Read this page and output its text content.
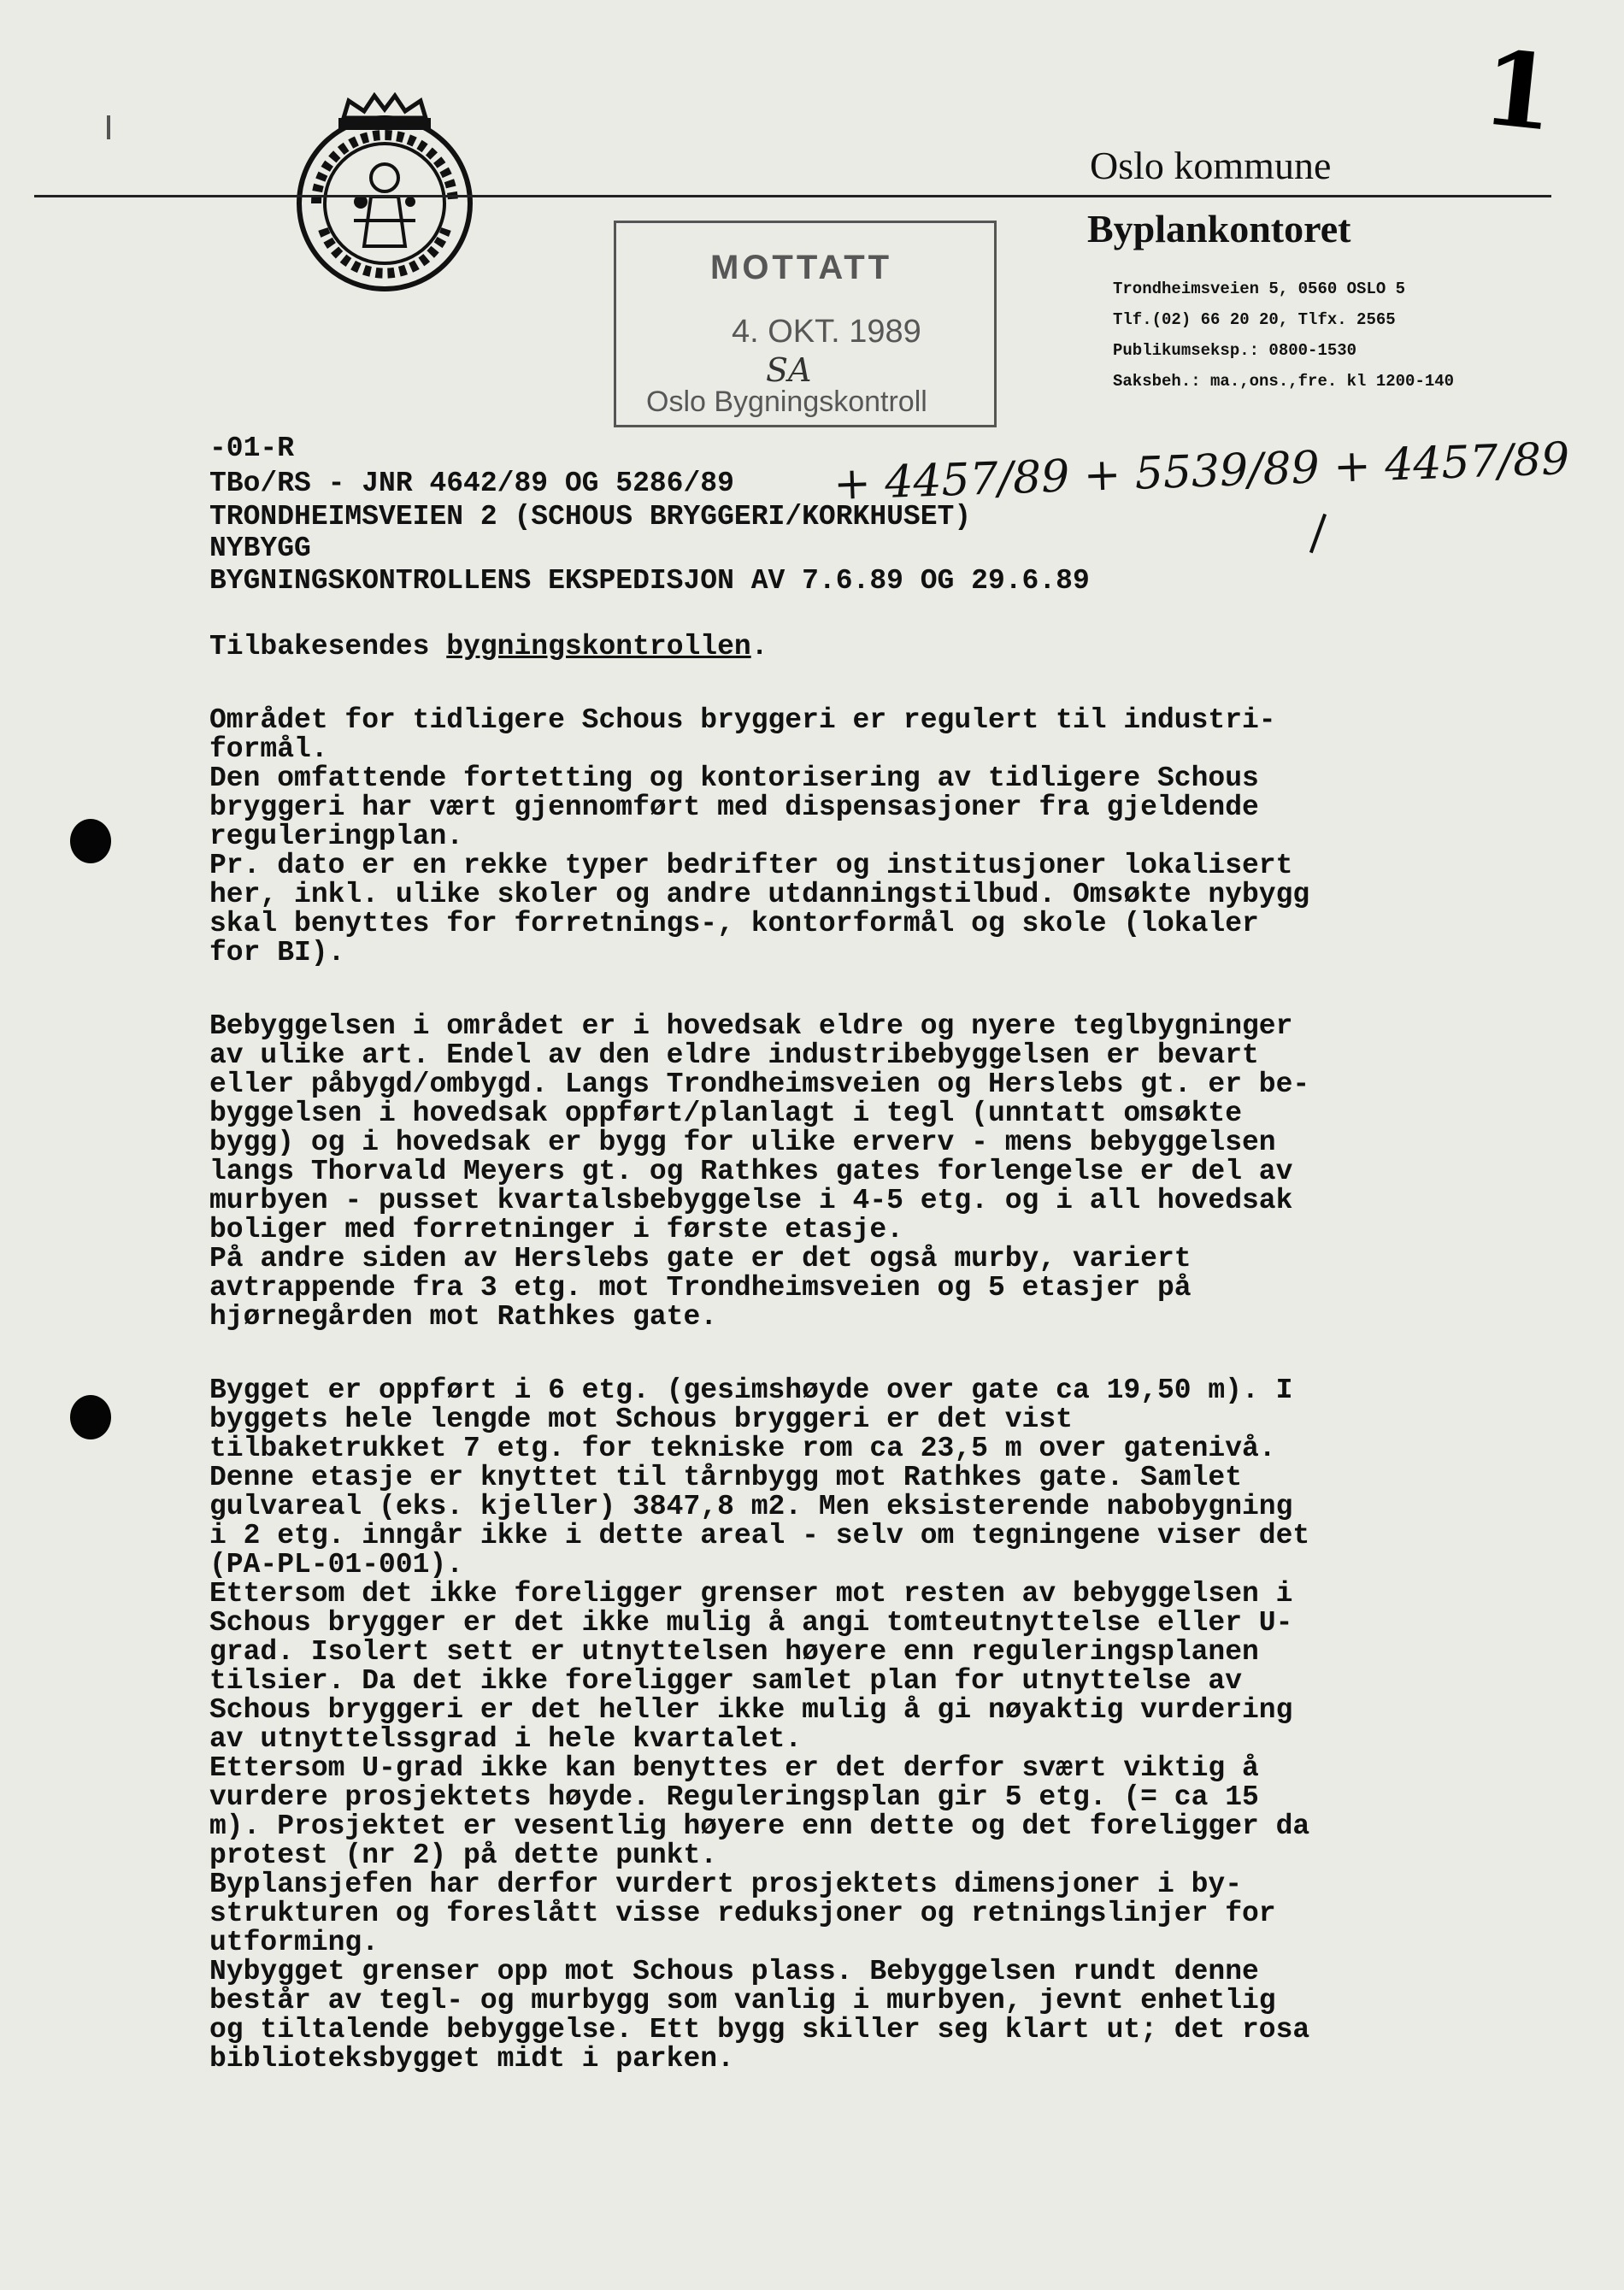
1
Oslo kommune
Byplankontoret
Trondheimsveien 5, 0560 OSLO 5
Tlf.(02) 66 20 20, Tlfx. 2565
Publikumseksp.: 0800-1530
Saksbeh.: ma.,ons.,fre. kl 1200-140
MOTTATT
4. OKT. 1989
SA
Oslo Bygningskontroll
-01-R
TBo/RS - JNR 4642/89 OG 5286/89
TRONDHEIMSVEIEN 2 (SCHOUS BRYGGERI/KORKHUSET)
NYBYGG
BYGNINGSKONTROLLENS EKSPEDISJON AV 7.6.89 OG 29.6.89
+ 4457/89 + 5539/89 + 4457/89

Tilbakesendes bygningskontrollen.

Området for tidligere Schous bryggeri er regulert til industri-
formål.
Den omfattende fortetting og kontorisering av tidligere Schous
bryggeri har vært gjennomført med dispensasjoner fra gjeldende
reguleringplan.
Pr. dato er en rekke typer bedrifter og institusjoner lokalisert
her, inkl. ulike skoler og andre utdanningstilbud. Omsøkte nybygg
skal benyttes for forretnings-, kontorformål og skole (lokaler
for BI).
Bebyggelsen i området er i hovedsak eldre og nyere teglbygninger
av ulike art. Endel av den eldre industribebyggelsen er bevart
eller påbygd/ombygd. Langs Trondheimsveien og Herslebs gt. er be-
byggelsen i hovedsak oppført/planlagt i tegl (unntatt omsøkte
bygg) og i hovedsak er bygg for ulike erverv - mens bebyggelsen
langs Thorvald Meyers gt. og Rathkes gates forlengelse er del av
murbyen - pusset kvartalsbebyggelse i 4-5 etg. og i all hovedsak
boliger med forretninger i første etasje.
På andre siden av Herslebs gate er det også murby, variert
avtrappende fra 3 etg. mot Trondheimsveien og 5 etasjer på
hjørnegården mot Rathkes gate.
Bygget er oppført i 6 etg. (gesimshøyde over gate ca 19,50 m). I
byggets hele lengde mot Schous bryggeri er det vist
tilbaketrukket 7 etg. for tekniske rom ca 23,5 m over gatenivå.
Denne etasje er knyttet til tårnbygg mot Rathkes gate. Samlet
gulvareal (eks. kjeller) 3847,8 m2. Men eksisterende nabobygning
i 2 etg. inngår ikke i dette areal - selv om tegningene viser det
(PA-PL-01-001).
Ettersom det ikke foreligger grenser mot resten av bebyggelsen i
Schous brygger er det ikke mulig å angi tomteutnyttelse eller U-
grad. Isolert sett er utnyttelsen høyere enn reguleringsplanen
tilsier. Da det ikke foreligger samlet plan for utnyttelse av
Schous bryggeri er det heller ikke mulig å gi nøyaktig vurdering
av utnyttelssgrad i hele kvartalet.
Ettersom U-grad ikke kan benyttes er det derfor svært viktig å
vurdere prosjektets høyde. Reguleringsplan gir 5 etg. (= ca 15
m). Prosjektet er vesentlig høyere enn dette og det foreligger da
protest (nr 2) på dette punkt.
Byplansjefen har derfor vurdert prosjektets dimensjoner i by-
strukturen og foreslått visse reduksjoner og retningslinjer for
utforming.
Nybygget grenser opp mot Schous plass. Bebyggelsen rundt denne
består av tegl- og murbygg som vanlig i murbyen, jevnt enhetlig
og tiltalende bebyggelse. Ett bygg skiller seg klart ut; det rosa
biblioteksbygget midt i parken.
